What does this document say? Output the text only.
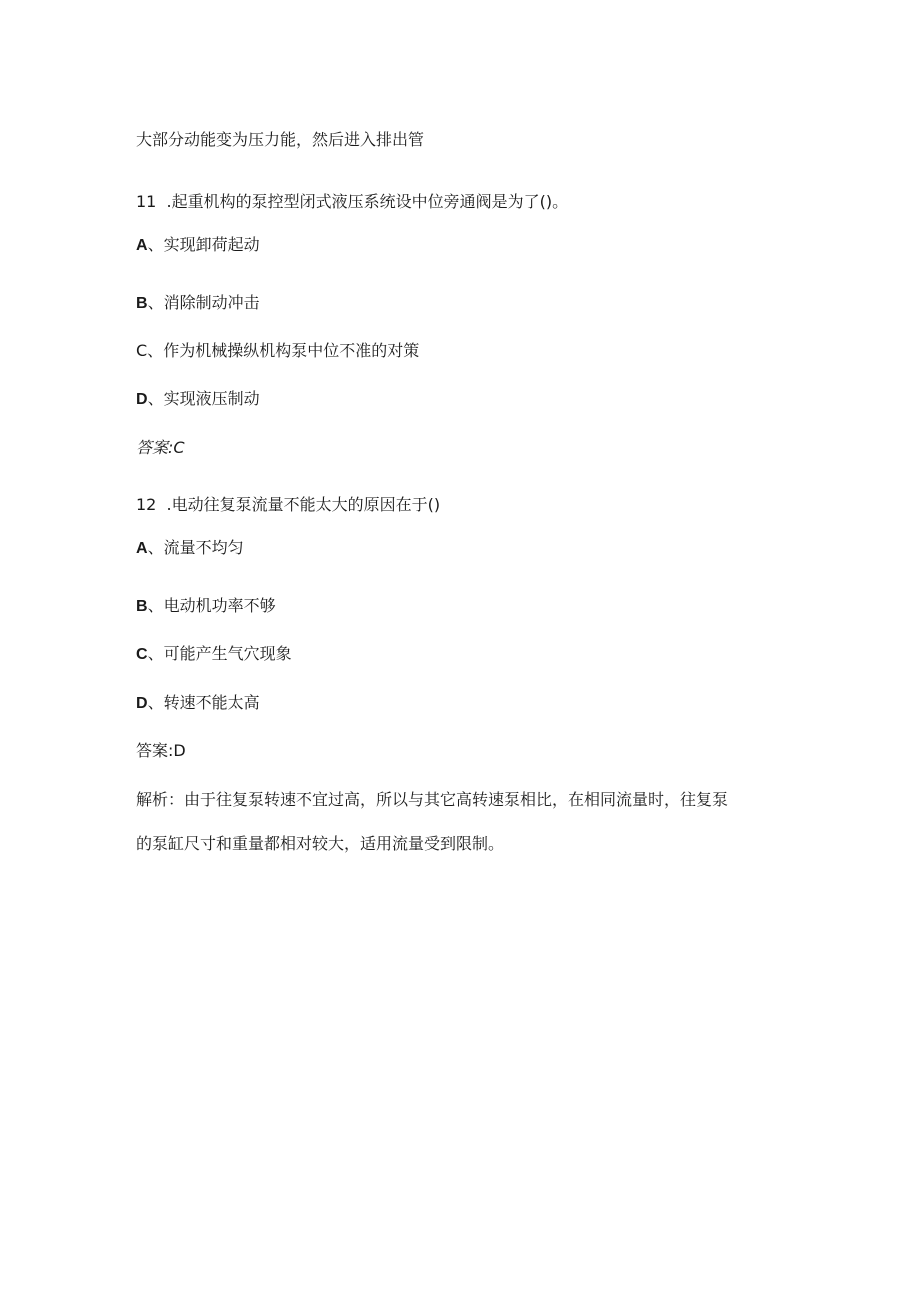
大部分动能变为压力能，然后进入排出管
11 .起重机构的泵控型闭式液压系统设中位旁通阀是为了()。
A、实现卸荷起动
B、消除制动冲击
C、作为机械操纵机构泵中位不准的对策
D、实现液压制动
答案:C
12 .电动往复泵流量不能太大的原因在于()
A、流量不均匀
B、电动机功率不够
C、可能产生气穴现象
D、转速不能太高
答案:D
解析：由于往复泵转速不宜过高，所以与其它高转速泵相比，在相同流量时，往复泵
的泵缸尺寸和重量都相对较大，适用流量受到限制。
